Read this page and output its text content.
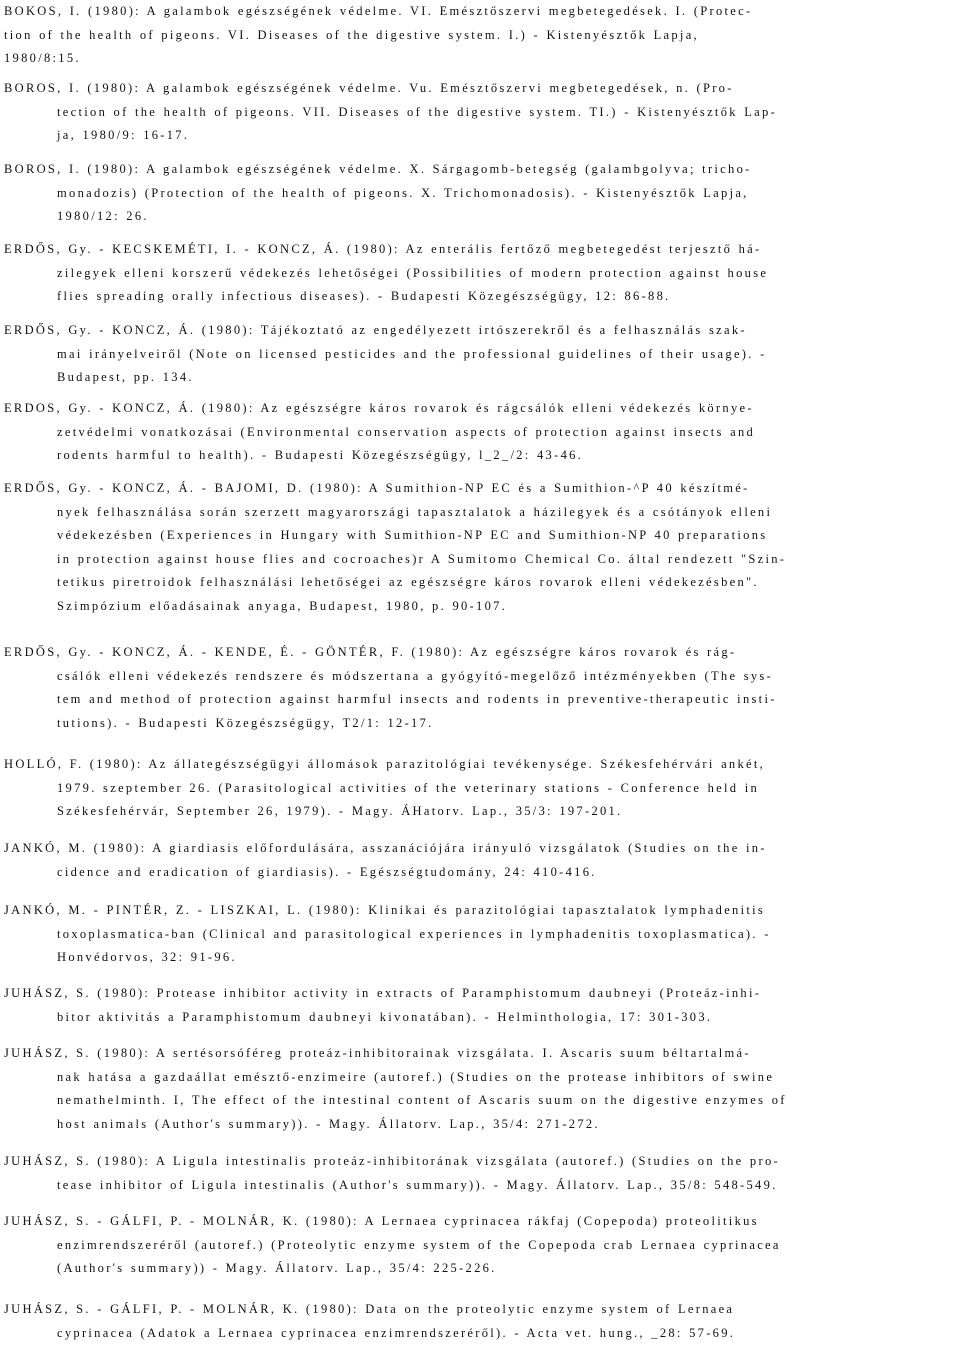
BOKOS, I. (1980): A galambok egészségének védelme. VI. Emésztőszervi megbetegedések. I. (Protec-
tion of the health of pigeons. VI. Diseases of the digestive system. I.) - Kistenyésztők Lapja,
1980/8:15.
BOROS, I. (1980): A galambok egészségének védelme. Vu. Emésztőszervi megbetegedések, n. (Pro-
tection of the health of pigeons. VII. Diseases of the digestive system. TI.) - Kistenyésztők Lap-
ja, 1980/9: 16-17.
BOROS, I. (1980): A galambok egészségének védelme. X. Sárgagomb-betegség (galambgolyva; tricho-
monadozis) (Protection of the health of pigeons. X. Trichomonadosis). - Kistenyésztők Lapja,
1980/12: 26.
ERDŐS, Gy. - KECSKEMÉTI, I. - KONCZ, Á. (1980): Az enterális fertőző megbetegedést terjesztő há-
zilegyek elleni korszerű védekezés lehetőségei (Possibilities of modern protection against house
flies spreading orally infectious diseases). - Budapesti Közegészségügy, 12: 86-88.
ERDŐS, Gy. - KONCZ, Á. (1980): Tájékoztató az engedélyezett irtószerekről és a felhasználás szak-
mai irányelveiről (Note on licensed pesticides and the professional guidelines of their usage). -
Budapest, pp. 134.
ERDOS, Gy. - KONCZ, Á. (1980): Az egészségre káros rovarok és rágcsálók elleni védekezés környe-
zetvédelmi vonatkozásai (Environmental conservation aspects of protection against insects and
rodents harmful to health). - Budapesti Közegészségügy, l_2_/2: 43-46.
ERDŐS, Gy. - KONCZ, Á. - BAJOMI, D. (1980): A Sumithion-NP EC és a Sumithion-^P 40 készítmé-
nyek felhasználása során szerzett magyarországi tapasztalatok a házilegyek és a csótányok elleni
védekezésben (Experiences in Hungary with Sumithion-NP EC and Sumithion-NP 40 preparations
in protection against house flies and cocroaches)r A Sumitomo Chemical Co. által rendezett "Szin-
tetikus piretroidok felhasználási lehetőségei az egészségre káros rovarok elleni védekezésben".
Szimpózium előadásainak anyaga, Budapest, 1980, p. 90-107.
ERDŐS, Gy. - KONCZ, Á. - KENDE, É. - GÖNTÉR, F. (1980): Az egészségre káros rovarok és rág-
csálók elleni védekezés rendszere és módszertana a gyógyító-megelőző intézményekben (The sys-
tem and method of protection against harmful insects and rodents in preventive-therapeutic insti-
tutions). - Budapesti Közegészségügy, T2/1: 12-17.
HOLLÓ, F. (1980): Az állategészségügyi állomások parazitológiai tevékenysége. Székesfehérvári ankét,
1979. szeptember 26. (Parasitological activities of the veterinary stations - Conference held in
Székesfehérvár, September 26, 1979). - Magy. ÁHatorv. Lap., 35/3: 197-201.
JANKÓ, M. (1980): A giardiasis előfordulására, asszanációjára irányuló vizsgálatok (Studies on the in-
cidence and eradication of giardiasis). - Egészségtudomány, 24: 410-416.
JANKÓ, M. - PINTÉR, Z. - LISZKAI, L. (1980): Klinikai és parazitológiai tapasztalatok lymphadenitis
toxoplasmatica-ban (Clinical and parasitological experiences in lymphadenitis toxoplasmatica). -
Honvédorvos, 32: 91-96.
JUHÁSZ, S. (1980): Protease inhibitor activity in extracts of Paramphistomum daubneyi (Proteáz-inhi-
bitor aktivitás a Paramphistomum daubneyi kivonatában). - Helminthologia, 17: 301-303.
JUHÁSZ, S. (1980): A sertésorsóféreg proteáz-inhibitorainak vizsgálata. I. Ascaris suum béltartalmá-
nak hatása a gazdaállat emésztő-enzimeire (autoref.) (Studies on the protease inhibitors of swine
nemathelminth. I, The effect of the intestinal content of Ascaris suum on the digestive enzymes of
host animals (Author's summary)). - Magy. Állatorv. Lap., 35/4: 271-272.
JUHÁSZ, S. (1980): A Ligula intestinalis proteáz-inhibitorának vizsgálata (autoref.) (Studies on the pro-
tease inhibitor of Ligula intestinalis (Author's summary)). - Magy. Állatorv. Lap., 35/8: 548-549.
JUHÁSZ, S. - GÁLFI, P. - MOLNÁR, K. (1980): A Lernaea cyprinacea rákfaj (Copepoda) proteolitikus
enzimrendszeréről (autoref.) (Proteolytic enzyme system of the Copepoda crab Lernaea cyprinacea
(Author's summary)) - Magy. Állatorv. Lap., 35/4: 225-226.
JUHÁSZ, S. - GÁLFI, P. - MOLNÁR, K. (1980): Data on the proteolytic enzyme system of Lernaea
cyprinacea (Adatok a Lernaea cyprinacea enzimrendszeréről). - Acta vet. hung., _28: 57-69.
